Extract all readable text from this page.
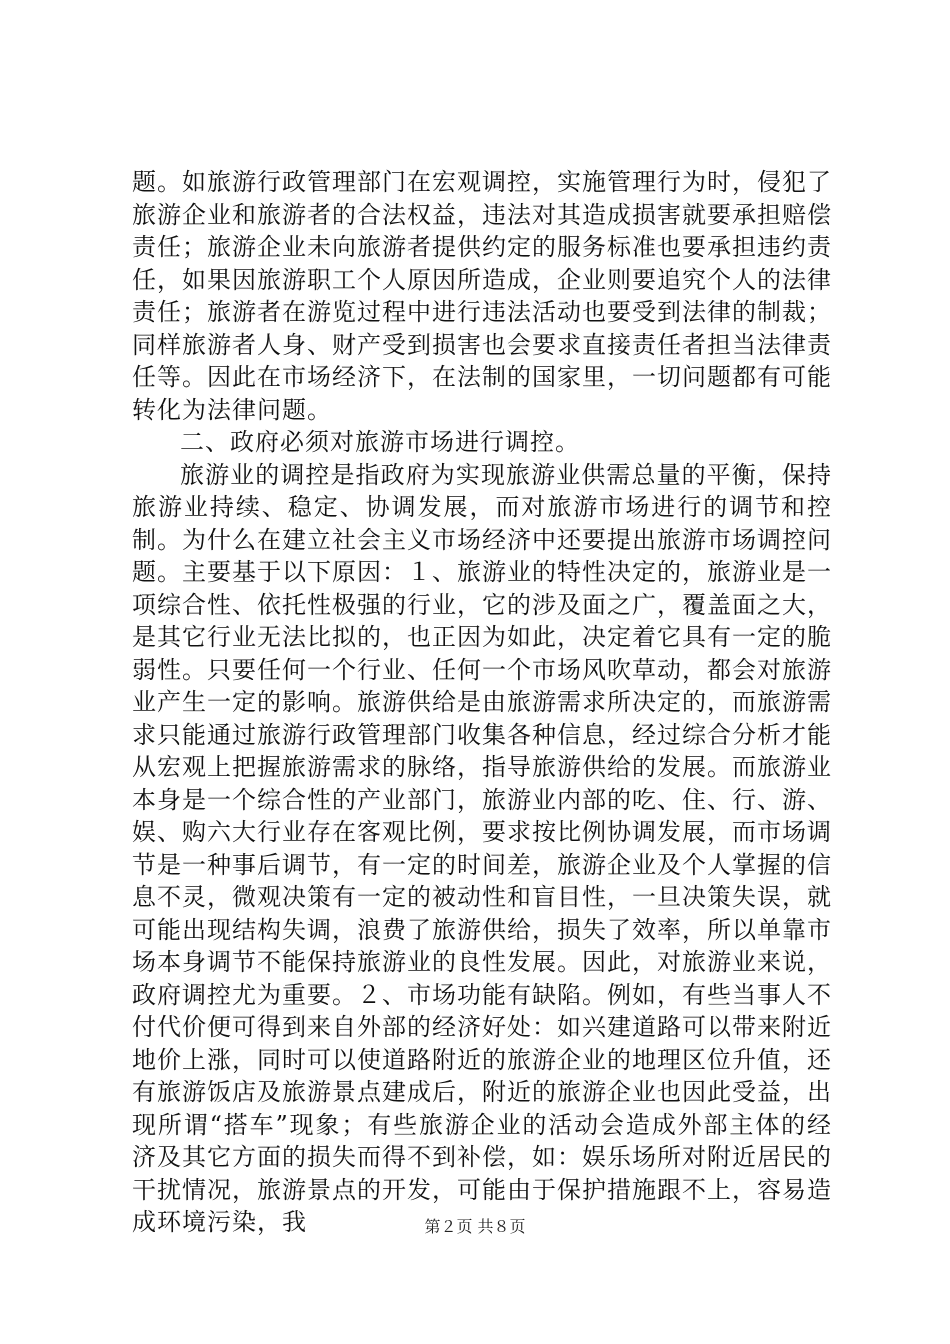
题。如旅游行政管理部门在宏观调控，实施管理行为时，侵犯了旅游企业和旅游者的合法权益，违法对其造成损害就要承担赔偿责任；旅游企业未向旅游者提供约定的服务标准也要承担违约责任，如果因旅游职工个人原因所造成，企业则要追究个人的法律责任；旅游者在游览过程中进行违法活动也要受到法律的制裁；同样旅游者人身、财产受到损害也会要求直接责任者担当法律责任等。因此在市场经济下，在法制的国家里，一切问题都有可能转化为法律问题。

二、政府必须对旅游市场进行调控。

旅游业的调控是指政府为实现旅游业供需总量的平衡，保持旅游业持续、稳定、协调发展，而对旅游市场进行的调节和控制。为什么在建立社会主义市场经济中还要提出旅游市场调控问题。主要基于以下原因：１、旅游业的特性决定的，旅游业是一项综合性、依托性极强的行业，它的涉及面之广，覆盖面之大，是其它行业无法比拟的，也正因为如此，决定着它具有一定的脆弱性。只要任何一个行业、任何一个市场风吹草动，都会对旅游业产生一定的影响。旅游供给是由旅游需求所决定的，而旅游需求只能通过旅游行政管理部门收集各种信息，经过综合分析才能从宏观上把握旅游需求的脉络，指导旅游供给的发展。而旅游业本身是一个综合性的产业部门，旅游业内部的吃、住、行、游、娱、购六大行业存在客观比例，要求按比例协调发展，而市场调节是一种事后调节，有一定的时间差，旅游企业及个人掌握的信息不灵，微观决策有一定的被动性和盲目性，一旦决策失误，就可能出现结构失调，浪费了旅游供给，损失了效率，所以单靠市场本身调节不能保持旅游业的良性发展。因此，对旅游业来说，政府调控尤为重要。２、市场功能有缺陷。例如，有些当事人不付代价便可得到来自外部的经济好处：如兴建道路可以带来附近地价上涨，同时可以使道路附近的旅游企业的地理区位升值，还有旅游饭店及旅游景点建成后，附近的旅游企业也因此受益，出现所谓“搭车”现象；有些旅游企业的活动会造成外部主体的经济及其它方面的损失而得不到补偿，如：娱乐场所对附近居民的干扰情况，旅游景点的开发，可能由于保护措施跟不上，容易造成环境污染，我	第２页 共８页
